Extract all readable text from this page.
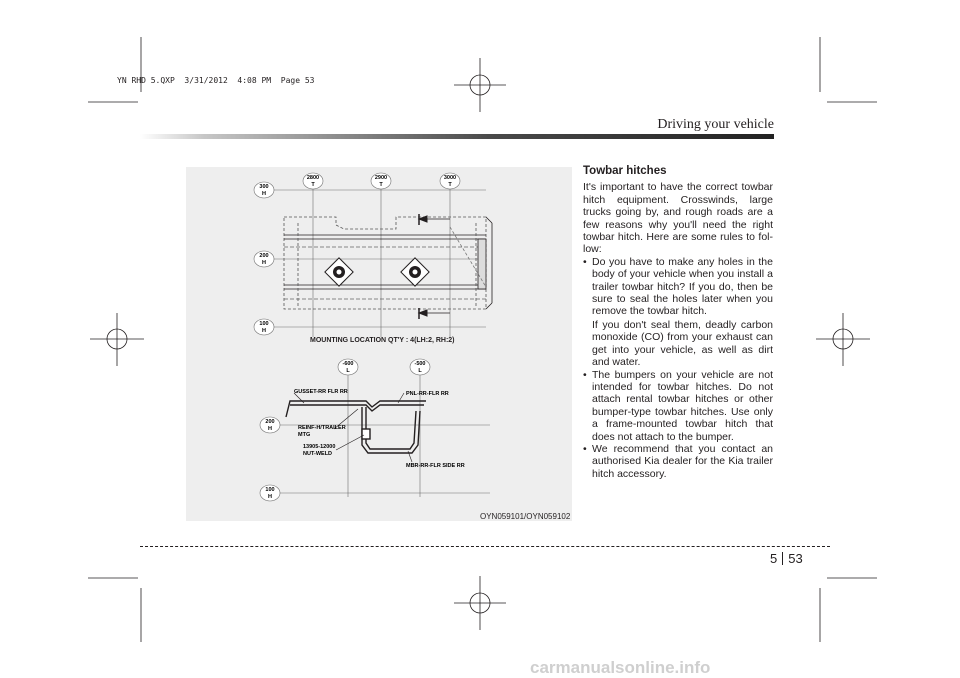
YN RHD 5.QXP  3/31/2012  4:08 PM  Page 53
Driving your vehicle
2800
T
2900
T
3000
T
300
H
200
H
100
H
MOUNTING LOCATION QT'Y : 4(LH:2, RH:2)
-600
L
-500
L
200
H
100
H
GUSSET-RR FLR RR	PNL-RR-FLR RR
REINF-H/TRAILER
MTG
13905-12000
NUT-WELD
MBR-RR-FLR SIDE RR
OYN059101/OYN059102

Towbar hitches

It's important to have the correct towbar hitch equipment. Crosswinds, large trucks going by, and rough roads are a few reasons why you'll need the right towbar hitch. Here are some rules to fol-low:

• Do you have to make any holes in the body of your vehicle when you install a trailer towbar hitch? If you do, then be sure to seal the holes later when you remove the towbar hitch.

If you don't seal them, deadly carbon monoxide (CO) from your exhaust can get into your vehicle, as well as dirt and water.

• The bumpers on your vehicle are not intended for towbar hitches. Do not attach rental towbar hitches or other bumper-type towbar hitches. Use only a frame-mounted towbar hitch that does not attach to the bumper.

• We recommend that you contact an authorised Kia dealer for the Kia trailer hitch accessory.

5 53
carmanualsonline.info
